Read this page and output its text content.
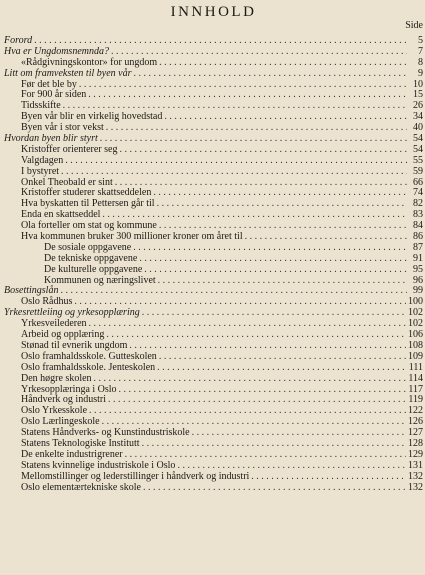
INNHOLD
Side
Forord . . .	5
Hva er Ungdomsnemnda? . . .	7
«Rådgivningskontor» for ungdom . . .	8
Litt om framveksten til byen vår . . .	9
Før det ble by . . .	10
For 900 år siden . . .	15
Tidsskifte . . .	26
Byen vår blir en virkelig hovedstad . . .	34
Byen vår i stor vekst . . .	40
Hvordan byen blir styrt . . .	54
Kristoffer orienterer seg . . .	54
Valgdagen . . .	55
I bystyret . . .	59
Onkel Theobald er sint . . .	66
Kristoffer studerer skattseddelen . . .	74
Hva byskatten til Pettersen går til . . .	82
Enda en skattseddel . . .	83
Ola forteller om stat og kommune . . .	84
Hva kommunen bruker 300 millioner kroner om året til . . .	86
De sosiale oppgavene . . .	87
De tekniske oppgavene . . .	91
De kulturelle oppgavene . . .	95
Kommunen og næringslivet . . .	96
Bosettingslån . . .	99
Oslo Rådhus . . .	100
Yrkesrettleiing og yrkesopplæring . . .	102
Yrkesveilederen . . .	102
Arbeid og opplæring . . .	106
Stønad til evnerik ungdom . . .	108
Oslo framhaldsskole. Gutteskolen . . .	109
Oslo framhaldsskole. Jenteskolen . . .	111
Den høgre skolen . . .	114
Yrkesopplæringa i Oslo . . .	117
Håndverk og industri . . .	119
Oslo Yrkesskole . . .	122
Oslo Lærlingeskole . . .	126
Statens Håndverks- og Kunstindustriskole . . .	127
Statens Teknologiske Institutt . . .	128
De enkelte industrigrener . . .	129
Statens kvinnelige industriskole i Oslo . . .	131
Mellomstillinger og lederstillinger i håndverk og industri . . .	132
Oslo elementærtekniske skole . . .	132
